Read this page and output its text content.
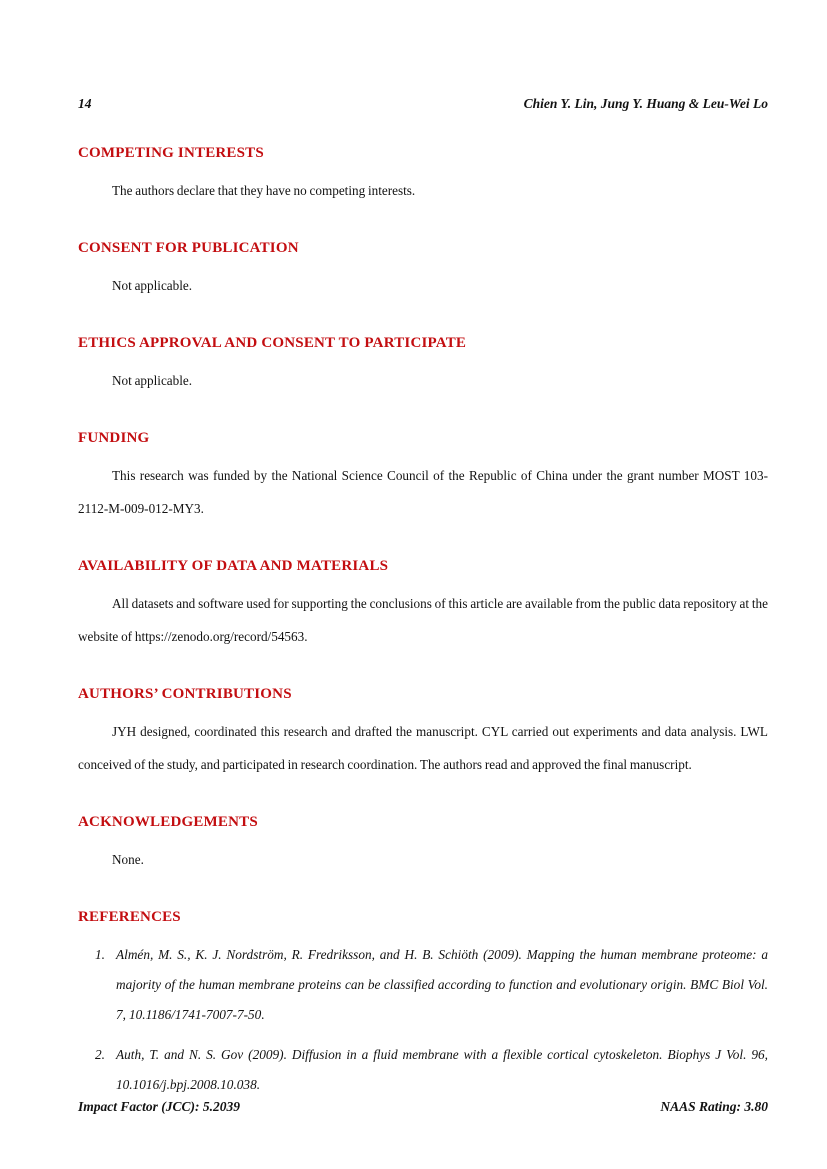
14	Chien Y. Lin, Jung Y. Huang & Leu-Wei Lo
COMPETING INTERESTS

The authors declare that they have no competing interests.

CONSENT FOR PUBLICATION

Not applicable.

ETHICS APPROVAL AND CONSENT TO PARTICIPATE

Not applicable.

FUNDING

This research was funded by the National Science Council of the Republic of China under the grant number MOST 103-2112-M-009-012-MY3.

AVAILABILITY OF DATA AND MATERIALS

All datasets and software used for supporting the conclusions of this article are available from the public data repository at the website of https://zenodo.org/record/54563.

AUTHORS’ CONTRIBUTIONS

JYH designed, coordinated this research and drafted the manuscript. CYL carried out experiments and data analysis. LWL conceived of the study, and participated in research coordination. The authors read and approved the final manuscript.

ACKNOWLEDGEMENTS

None.

REFERENCES
1. Almén, M. S., K. J. Nordström, R. Fredriksson, and H. B. Schiöth (2009). Mapping the human membrane proteome: a majority of the human membrane proteins can be classified according to function and evolutionary origin. BMC Biol Vol. 7, 10.1186/1741-7007-7-50.
2. Auth, T. and N. S. Gov (2009). Diffusion in a fluid membrane with a flexible cortical cytoskeleton. Biophys J Vol. 96, 10.1016/j.bpj.2008.10.038.
Impact Factor (JCC): 5.2039	NAAS Rating: 3.80
